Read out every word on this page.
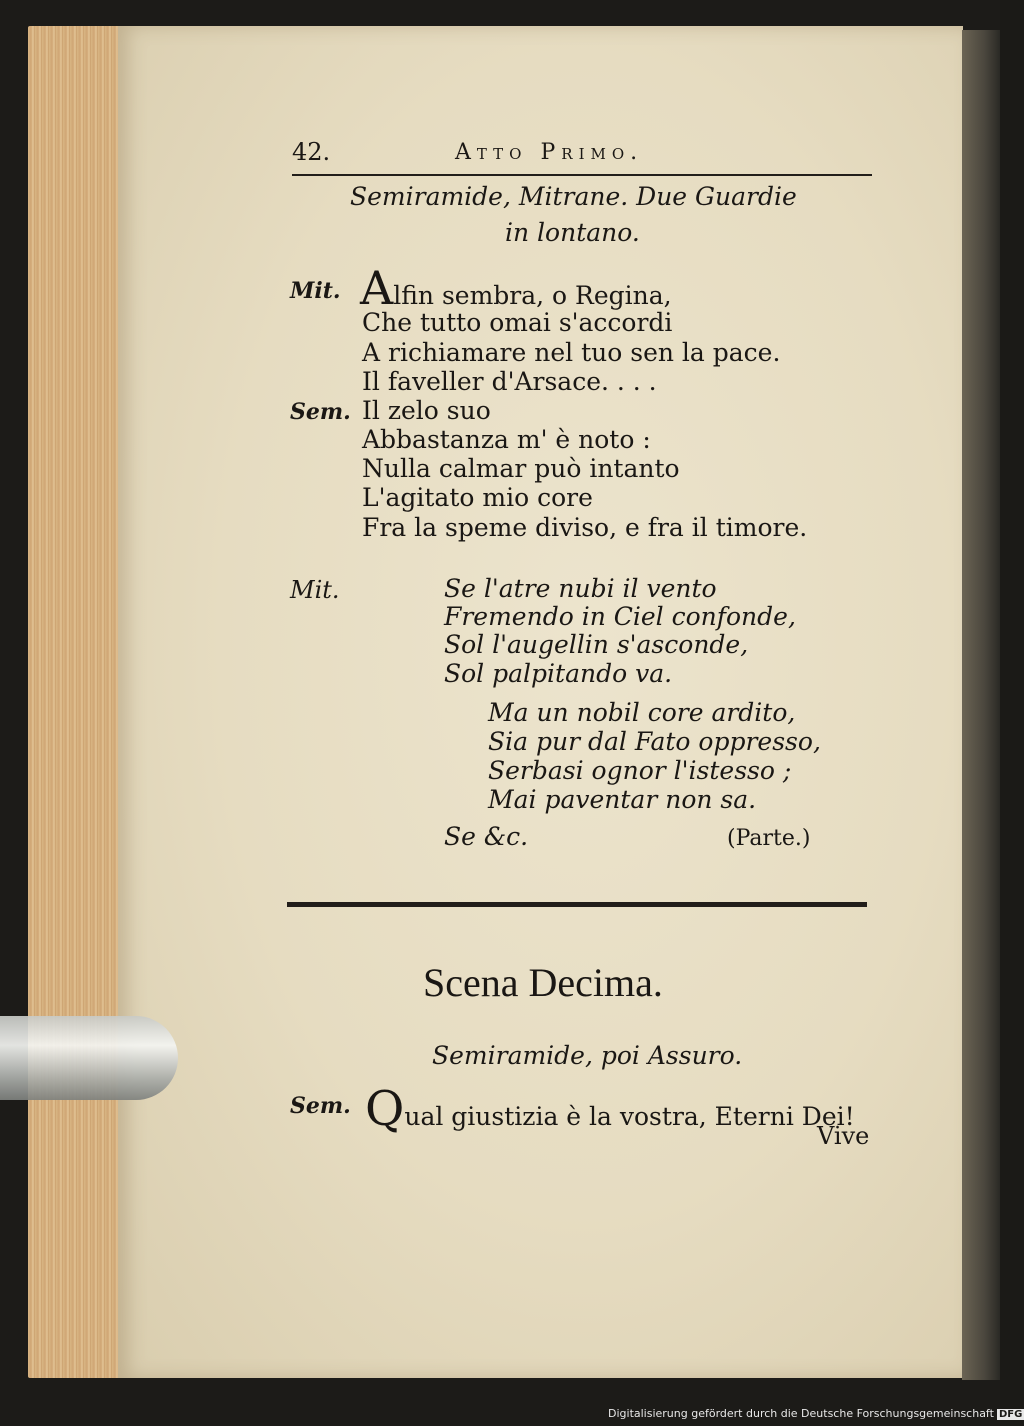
42.	Atto Primo.
Semiramide, Mitrane. Due Guardie
in lontano.
Mit. Alfin sembra, o Regina,
Che tutto omai s'accordi
A richiamare nel tuo sen la pace.
Il faveller d'Arsace. . . .
Sem. Il zelo suo
Abbastanza m' è noto :
Nulla calmar può intanto
L'agitato mio core
Fra la speme diviso, e fra il timore.
Mit.	Se l'atre nubi il vento
Fremendo in Ciel confonde,
Sol l'augellin s'asconde,
Sol palpitando va.
Ma un nobil core ardito,
Sia pur dal Fato oppresso,
Serbasi ognor l'istesso ;
Mai paventar non sa.
Se &c.	(Parte.)
Scena Decima.
Semiramide, poi Assuro.
Sem. Qual giustizia è la vostra, Eterni Dei!
Vive
Digitalisierung gefördert durch die Deutsche Forschungsgemeinschaft DFG
